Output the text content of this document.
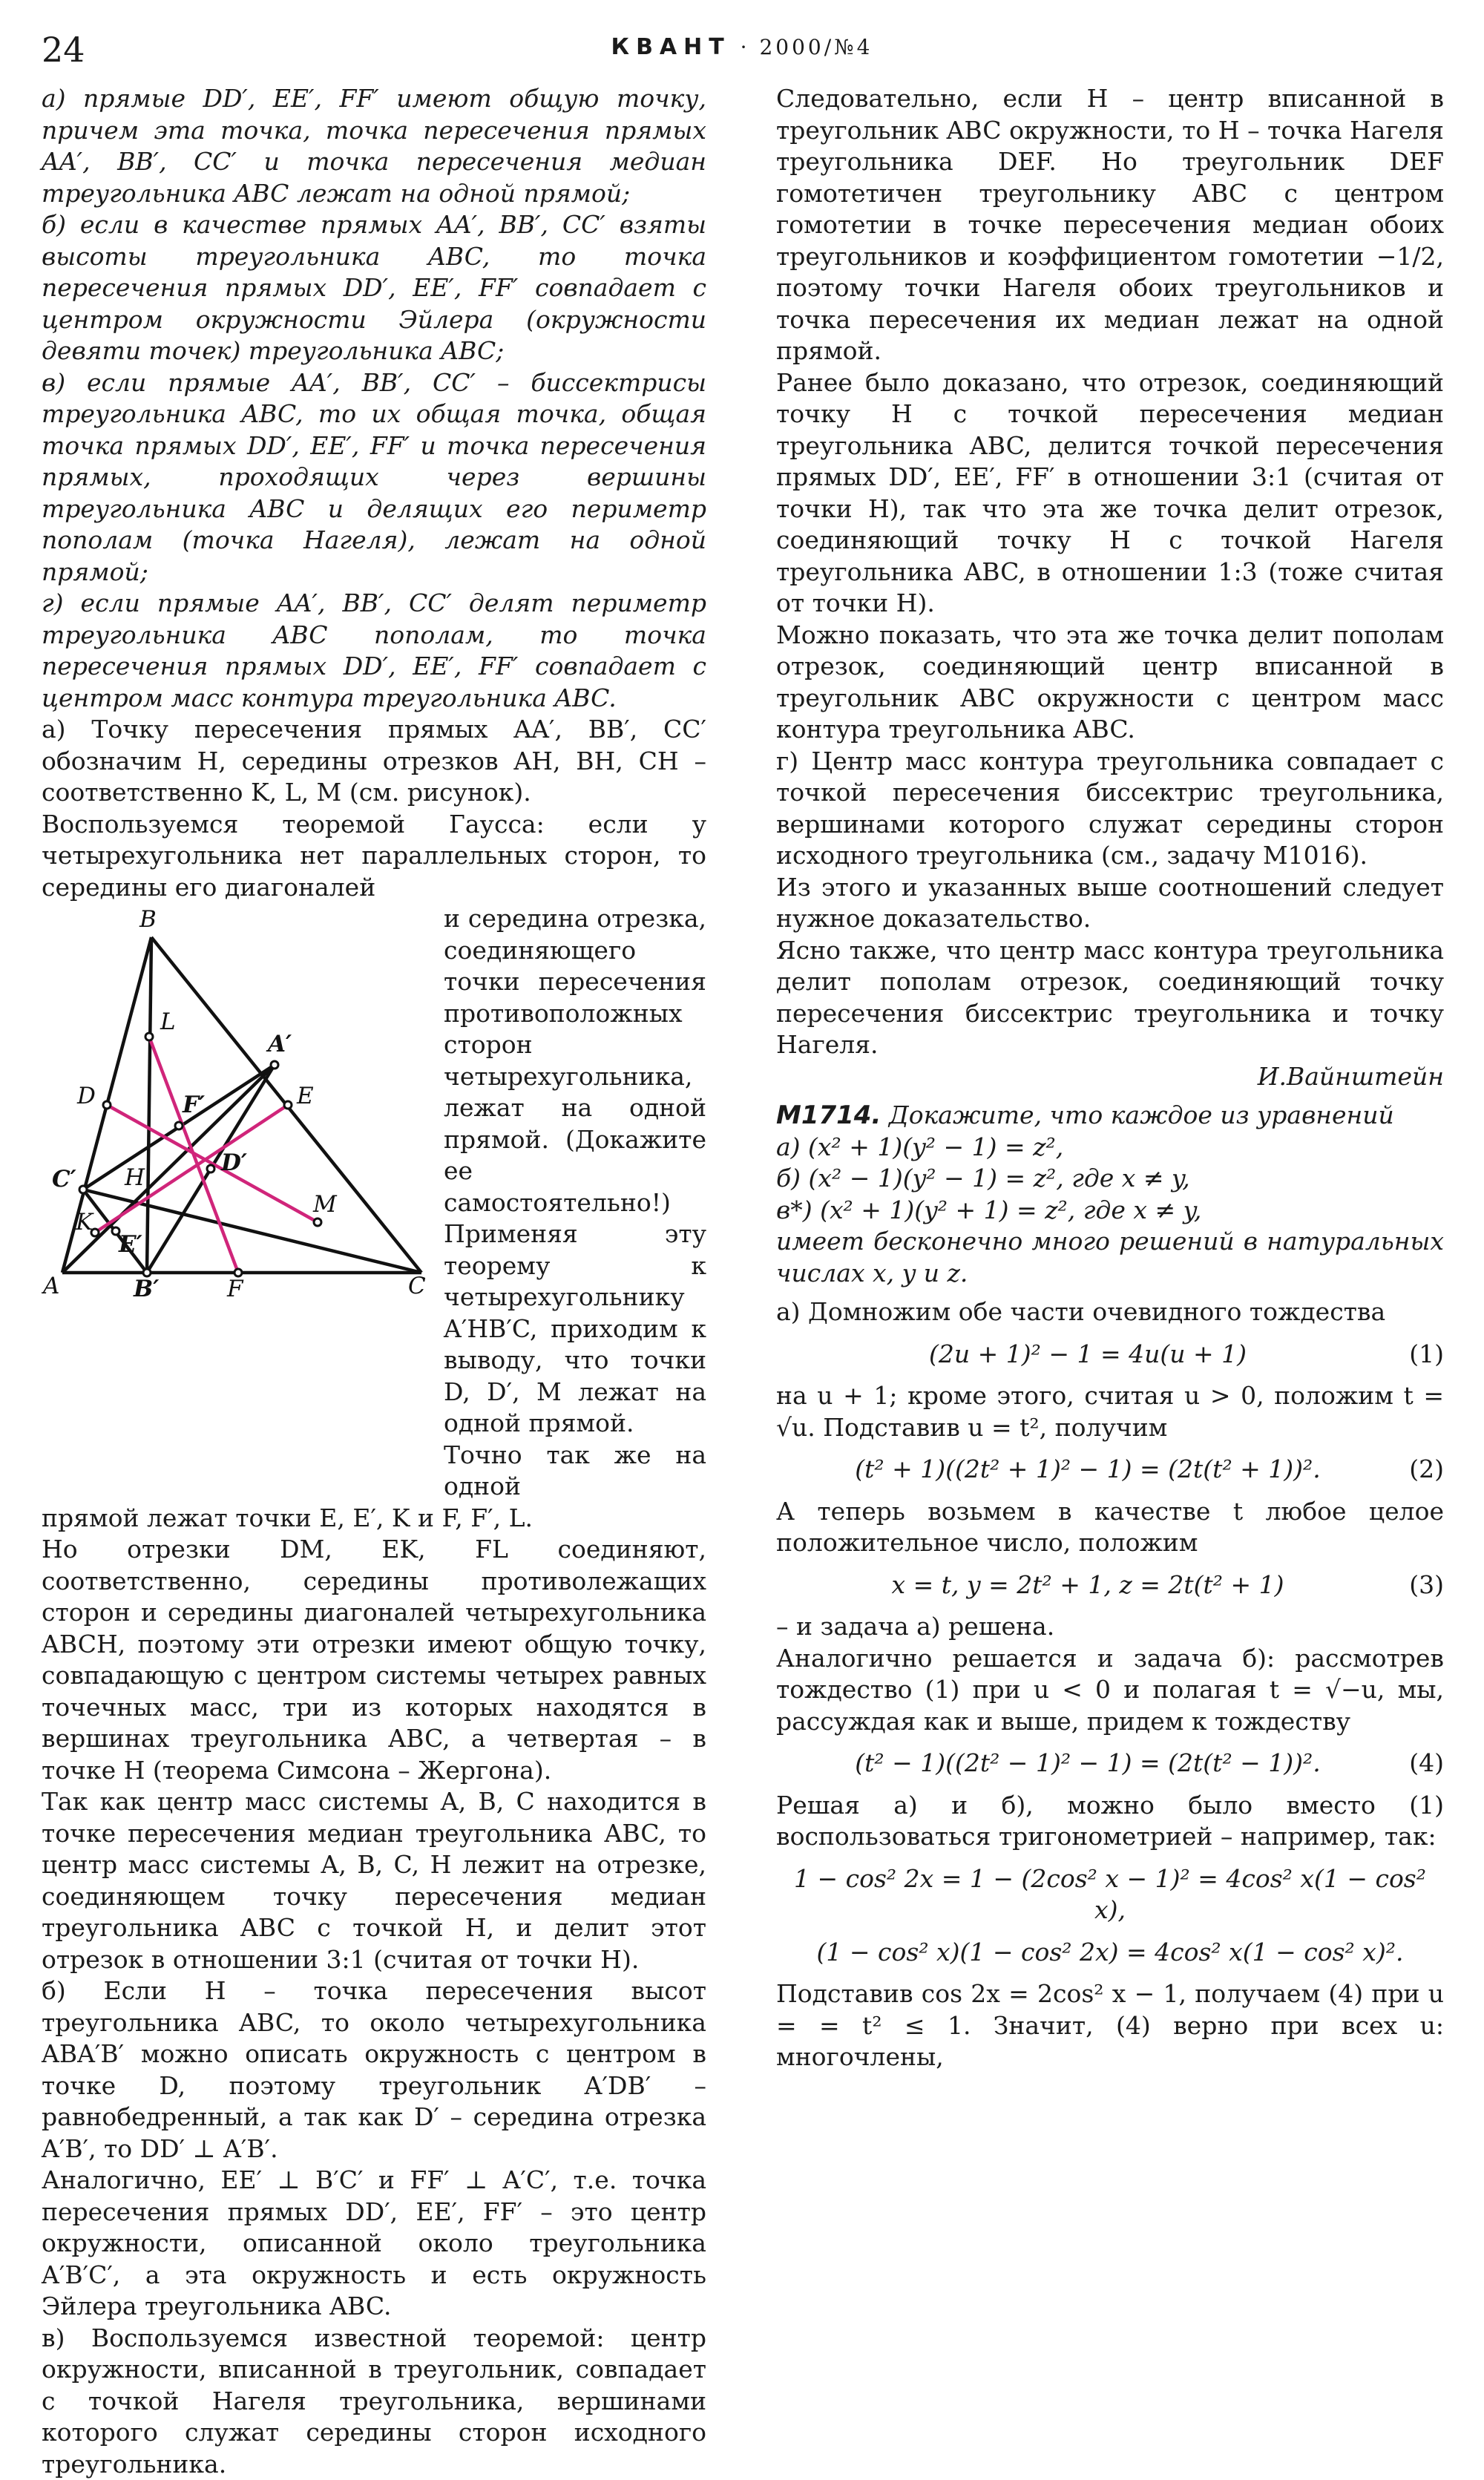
24	КВАНТ · 2000/№4

а) прямые DD′, EE′, FF′ имеют общую точку, причем эта точка, точка пересечения прямых AA′, BB′, CC′ и точка пересечения медиан треугольника ABC лежат на одной прямой;

б) если в качестве прямых AA′, BB′, CC′ взяты высоты треугольника ABC, то точка пересечения прямых DD′, EE′, FF′ совпадает с центром окружности Эйлера (окружности девяти точек) треугольника ABC;

в) если прямые AA′, BB′, CC′ – биссектрисы треугольника ABC, то их общая точка, общая точка прямых DD′, EE′, FF′ и точка пересечения прямых, проходящих через вершины треугольника ABC и делящих его периметр пополам (точка Нагеля), лежат на одной прямой;

г) если прямые AA′, BB′, CC′ делят периметр треугольника ABC пополам, то точка пересечения прямых DD′, EE′, FF′ совпадает с центром масс контура треугольника ABC.

а) Точку пересечения прямых AA′, BB′, CC′ обозначим H, середины отрезков AH, BH, CH – соответственно K, L, M (см. рисунок).

Воспользуемся теоремой Гаусса: если у четырехугольника нет параллельных сторон, то середины его диагоналей

B
L
A′
D	F′	E
C′ H
D′
K
E′
M
A	B′	F	C

и середина отрезка, соединяющего точки пересечения противоположных сторон четырехугольника, лежат на одной прямой. (Докажите ее самостоятельно!)

Применяя эту теорему к четырехугольнику A′HB′C, приходим к выводу, что точки D, D′, M лежат на одной прямой.

Точно так же на одной

прямой лежат точки E, E′, K и F, F′, L.

Но отрезки DM, EK, FL соединяют, соответственно, середины противолежащих сторон и середины диагоналей четырехугольника ABCH, поэтому эти отрезки имеют общую точку, совпадающую с центром системы четырех равных точечных масс, три из которых находятся в вершинах треугольника ABC, а четвертая – в точке H (теорема Симсона – Жергона).

Так как центр масс системы A, B, C находится в точке пересечения медиан треугольника ABC, то центр масс системы A, B, C, H лежит на отрезке, соединяющем точку пересечения медиан треугольника ABC с точкой H, и делит этот отрезок в отношении 3:1 (считая от точки H).

б) Если H – точка пересечения высот треугольника ABC, то около четырехугольника ABA′B′ можно описать окружность с центром в точке D, поэтому треугольник A′DB′ – равнобедренный, а так как D′ – середина отрезка A′B′, то DD′ ⊥ A′B′.

Аналогично, EE′ ⊥ B′C′ и FF′ ⊥ A′C′, т.е. точка пересечения прямых DD′, EE′, FF′ – это центр окружности, описанной около треугольника A′B′C′, а эта окружность и есть окружность Эйлера треугольника ABC.

в) Воспользуемся известной теоремой: центр окружности, вписанной в треугольник, совпадает с точкой Нагеля треугольника, вершинами которого служат середины сторон исходного треугольника.

Следовательно, если H – центр вписанной в треугольник ABC окружности, то H – точка Нагеля треугольника DEF. Но треугольник DEF гомотетичен треугольнику ABC с центром гомотетии в точке пересечения медиан обоих треугольников и коэффициентом гомотетии −1/2, поэтому точки Нагеля обоих треугольников и точка пересечения их медиан лежат на одной прямой.

Ранее было доказано, что отрезок, соединяющий точку H с точкой пересечения медиан треугольника ABC, делится точкой пересечения прямых DD′, EE′, FF′ в отношении 3:1 (считая от точки H), так что эта же точка делит отрезок, соединяющий точку H с точкой Нагеля треугольника ABC, в отношении 1:3 (тоже считая от точки H).

Можно показать, что эта же точка делит пополам отрезок, соединяющий центр вписанной в треугольник ABC окружности с центром масс контура треугольника ABC.

г) Центр масс контура треугольника совпадает с точкой пересечения биссектрис треугольника, вершинами которого служат середины сторон исходного треугольника (см., задачу М1016).

Из этого и указанных выше соотношений следует нужное доказательство.

Ясно также, что центр масс контура треугольника делит пополам отрезок, соединяющий точку пересечения биссектрис треугольника и точку Нагеля.

И.Вайнштейн

M1714. Докажите, что каждое из уравнений

а) (x² + 1)(y² − 1) = z²,

б) (x² − 1)(y² − 1) = z², где x ≠ y,

в*) (x² + 1)(y² + 1) = z², где x ≠ y,

имеет бесконечно много решений в натуральных числах x, y и z.

а) Домножим обе части очевидного тождества

(2u + 1)² − 1 = 4u(u + 1)	(1)

на u + 1; кроме этого, считая u > 0, положим t = √u. Подставив u = t², получим

(t² + 1)((2t² + 1)² − 1) = (2t(t² + 1))².	(2)

А теперь возьмем в качестве t любое целое положительное число, положим

x = t, y = 2t² + 1, z = 2t(t² + 1)	(3)

– и задача а) решена.

Аналогично решается и задача б): рассмотрев тождество (1) при u < 0 и полагая t = √−u, мы, рассуждая как и выше, придем к тождеству

(t² − 1)((2t² − 1)² − 1) = (2t(t² − 1))².	(4)

Решая а) и б), можно было вместо (1) воспользоваться тригонометрией – например, так:

1 − cos² 2x = 1 − (2cos² x − 1)² = 4cos² x(1 − cos² x),
(1 − cos² x)(1 − cos² 2x) = 4cos² x(1 − cos² x)².

Подставив cos 2x = 2cos² x − 1, получаем (4) при u = = t² ≤ 1. Значит, (4) верно при всех u: многочлены,
